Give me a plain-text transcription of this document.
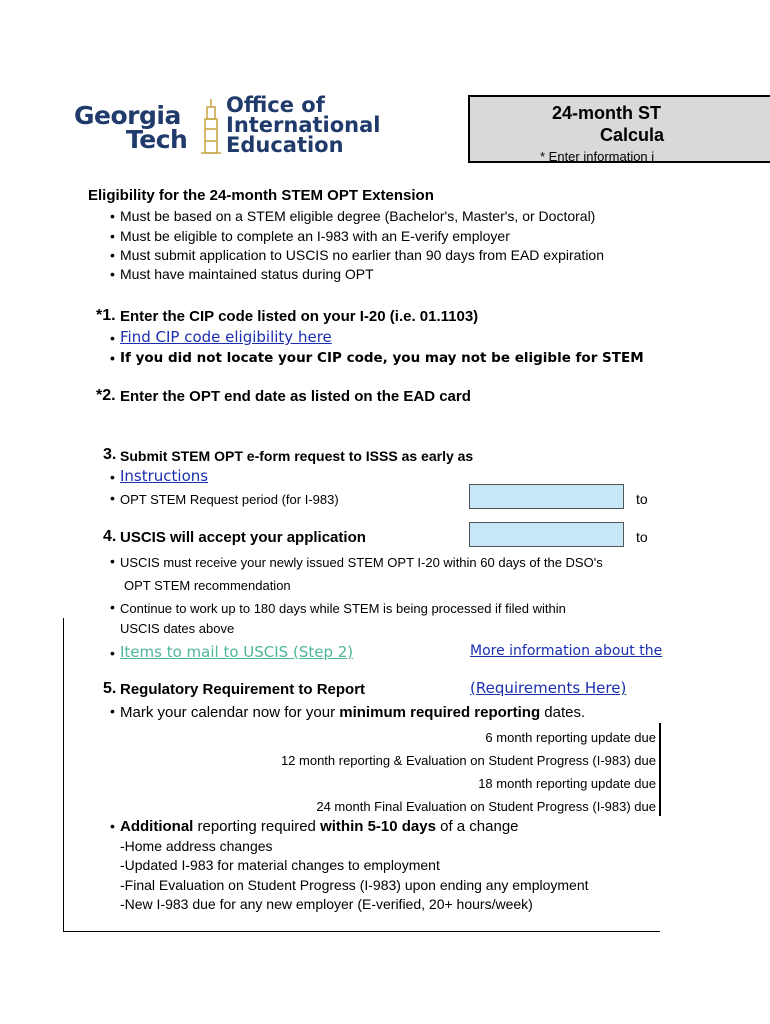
Georgia
Tech
Office of
International
Education
24-month ST
Calcula
* Enter information i
Eligibility for the 24-month STEM OPT Extension
• Must be based on a STEM eligible degree (Bachelor's, Master's, or Doctoral)
• Must be eligible to complete an I-983 with an E-verify employer
• Must submit application to USCIS no earlier than 90 days from EAD expiration
• Must have maintained status during OPT
*1. Enter the CIP code listed on your I-20 (i.e. 01.1103)
• Find CIP code eligibility here
• If you did not locate your CIP code, you may not be eligible for STEM
*2. Enter the OPT end date as listed on the EAD card
3. Submit STEM OPT e-form request to ISSS as early as
• Instructions
• OPT STEM Request period (for I-983)	to
4. USCIS will accept your application	to
• USCIS must receive your newly issued STEM OPT I-20 within 60 days of the DSO's
OPT STEM recommendation
• Continue to work up to 180 days while STEM is being processed if filed within
USCIS dates above
• Items to mail to USCIS (Step 2)	More information about the
5. Regulatory Requirement to Report	(Requirements Here)
• Mark your calendar now for your minimum required reporting dates.
6 month reporting update due
12 month reporting & Evaluation on Student Progress (I-983) due
18 month reporting update due
24 month Final Evaluation on Student Progress (I-983) due
• Additional reporting required within 5-10 days of a change
-Home address changes
-Updated I-983 for material changes to employment
-Final Evaluation on Student Progress (I-983) upon ending any employment
-New I-983 due for any new employer (E-verified, 20+ hours/week)
